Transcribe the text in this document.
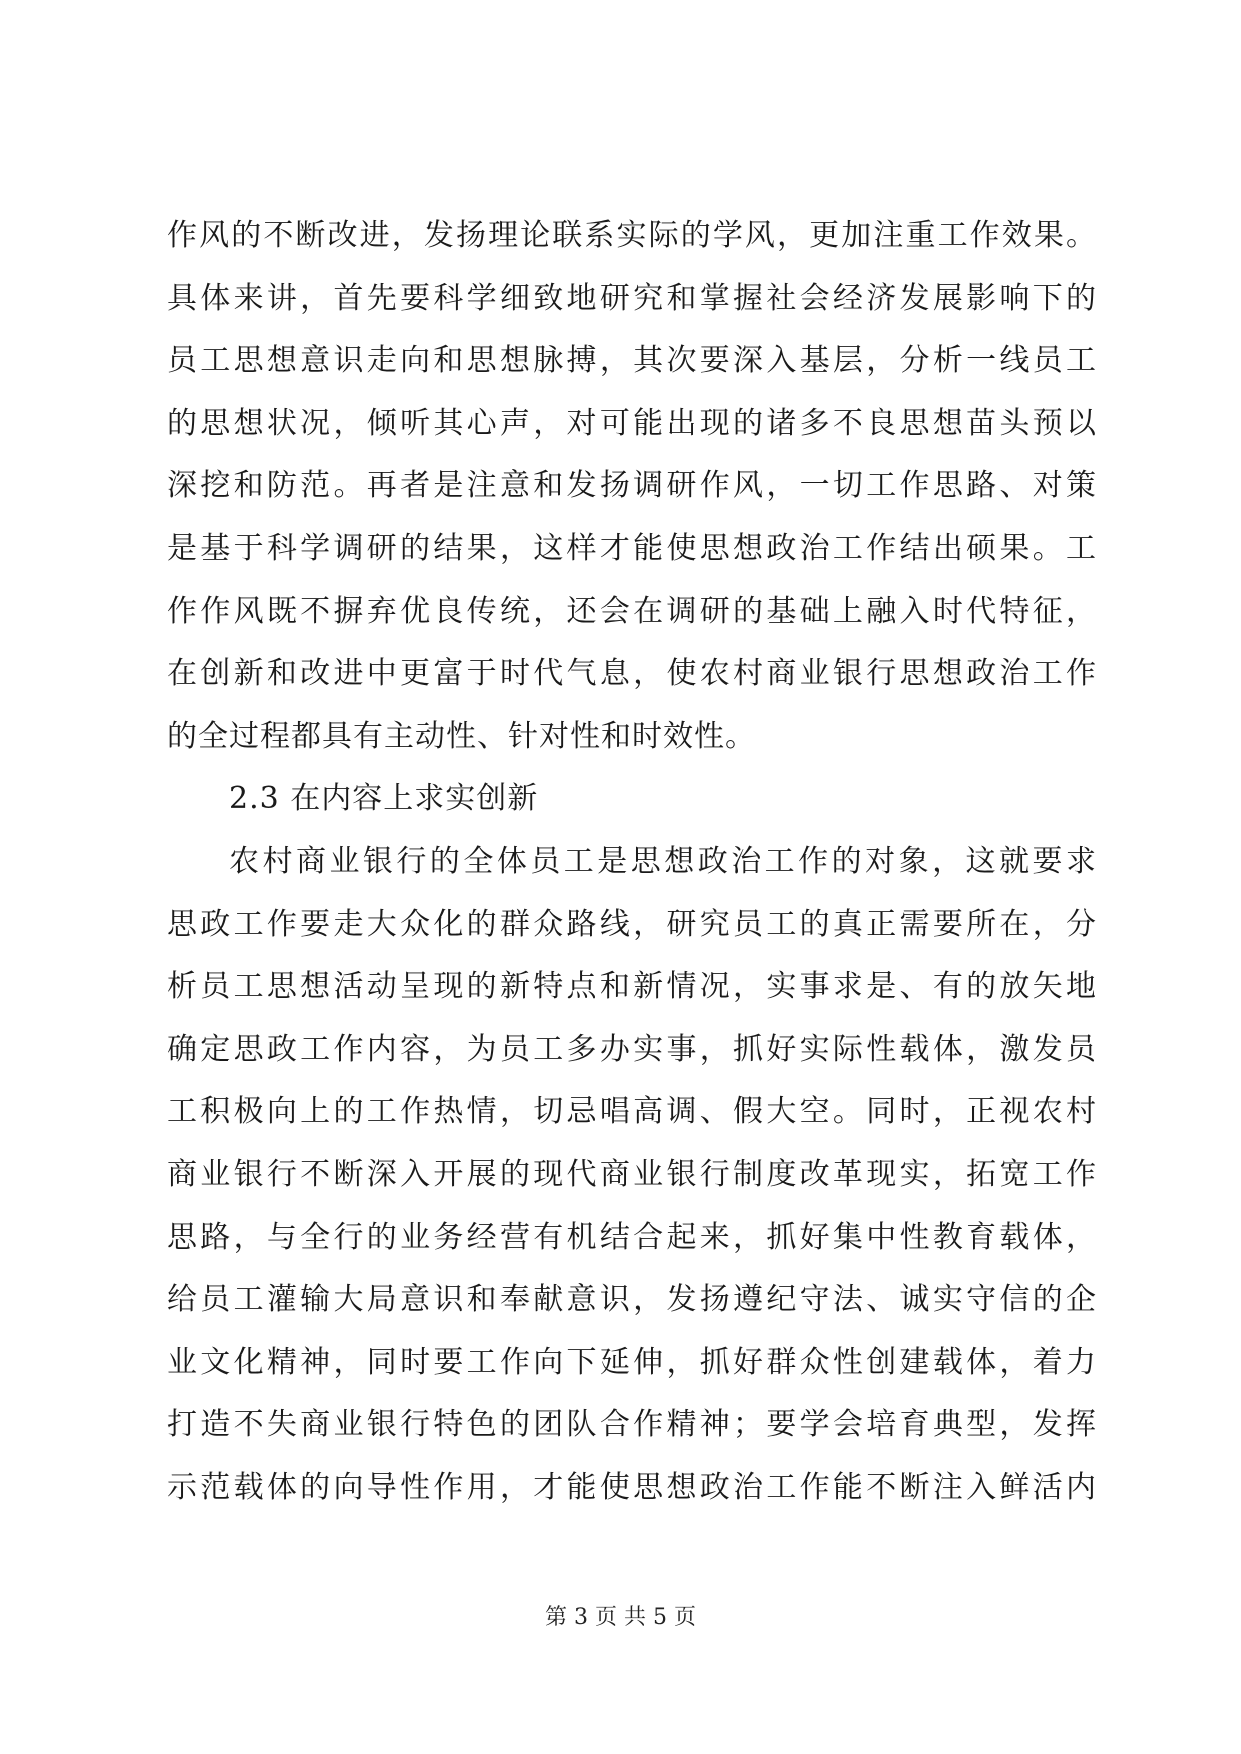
作风的不断改进，发扬理论联系实际的学风，更加注重工作效果。
具体来讲，首先要科学细致地研究和掌握社会经济发展影响下的
员工思想意识走向和思想脉搏，其次要深入基层，分析一线员工
的思想状况，倾听其心声，对可能出现的诸多不良思想苗头预以
深挖和防范。再者是注意和发扬调研作风，一切工作思路、对策
是基于科学调研的结果，这样才能使思想政治工作结出硕果。工
作作风既不摒弃优良传统，还会在调研的基础上融入时代特征，
在创新和改进中更富于时代气息，使农村商业银行思想政治工作
的全过程都具有主动性、针对性和时效性。
2.3 在内容上求实创新
农村商业银行的全体员工是思想政治工作的对象，这就要求
思政工作要走大众化的群众路线，研究员工的真正需要所在，分
析员工思想活动呈现的新特点和新情况，实事求是、有的放矢地
确定思政工作内容，为员工多办实事，抓好实际性载体，激发员
工积极向上的工作热情，切忌唱高调、假大空。同时，正视农村
商业银行不断深入开展的现代商业银行制度改革现实，拓宽工作
思路，与全行的业务经营有机结合起来，抓好集中性教育载体，
给员工灌输大局意识和奉献意识，发扬遵纪守法、诚实守信的企
业文化精神，同时要工作向下延伸，抓好群众性创建载体，着力
打造不失商业银行特色的团队合作精神；要学会培育典型，发挥
示范载体的向导性作用，才能使思想政治工作能不断注入鲜活内
第 3 页 共 5 页
